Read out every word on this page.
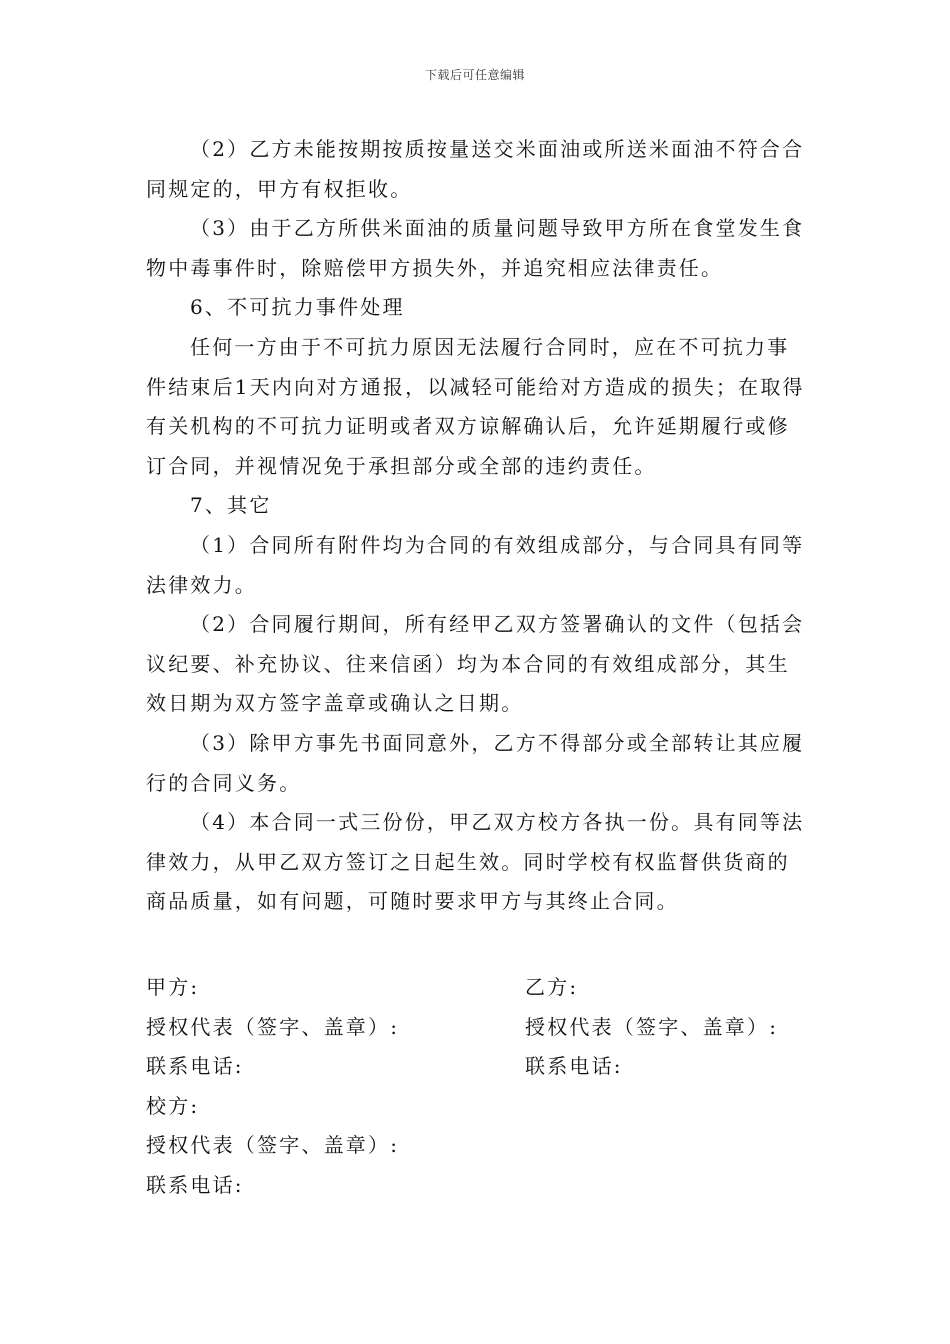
下载后可任意编辑

（2）乙方未能按期按质按量送交米面油或所送米面油不符合合同规定的，甲方有权拒收。

（3）由于乙方所供米面油的质量问题导致甲方所在食堂发生食物中毒事件时，除赔偿甲方损失外，并追究相应法律责任。

6、不可抗力事件处理

任何一方由于不可抗力原因无法履行合同时，应在不可抗力事件结束后1天内向对方通报，以减轻可能给对方造成的损失；在取得有关机构的不可抗力证明或者双方谅解确认后，允许延期履行或修订合同，并视情况免于承担部分或全部的违约责任。

7、其它

（1）合同所有附件均为合同的有效组成部分，与合同具有同等法律效力。

（2）合同履行期间，所有经甲乙双方签署确认的文件（包括会议纪要、补充协议、往来信函）均为本合同的有效组成部分，其生效日期为双方签字盖章或确认之日期。

（3）除甲方事先书面同意外，乙方不得部分或全部转让其应履行的合同义务。

（4）本合同一式三份份，甲乙双方校方各执一份。具有同等法律效力，从甲乙双方签订之日起生效。同时学校有权监督供货商的商品质量，如有问题，可随时要求甲方与其终止合同。

甲方:
授权代表（签字、盖章）:
联系电话:
校方:
授权代表（签字、盖章）:
联系电话:
乙方:
授权代表（签字、盖章）:
联系电话:
